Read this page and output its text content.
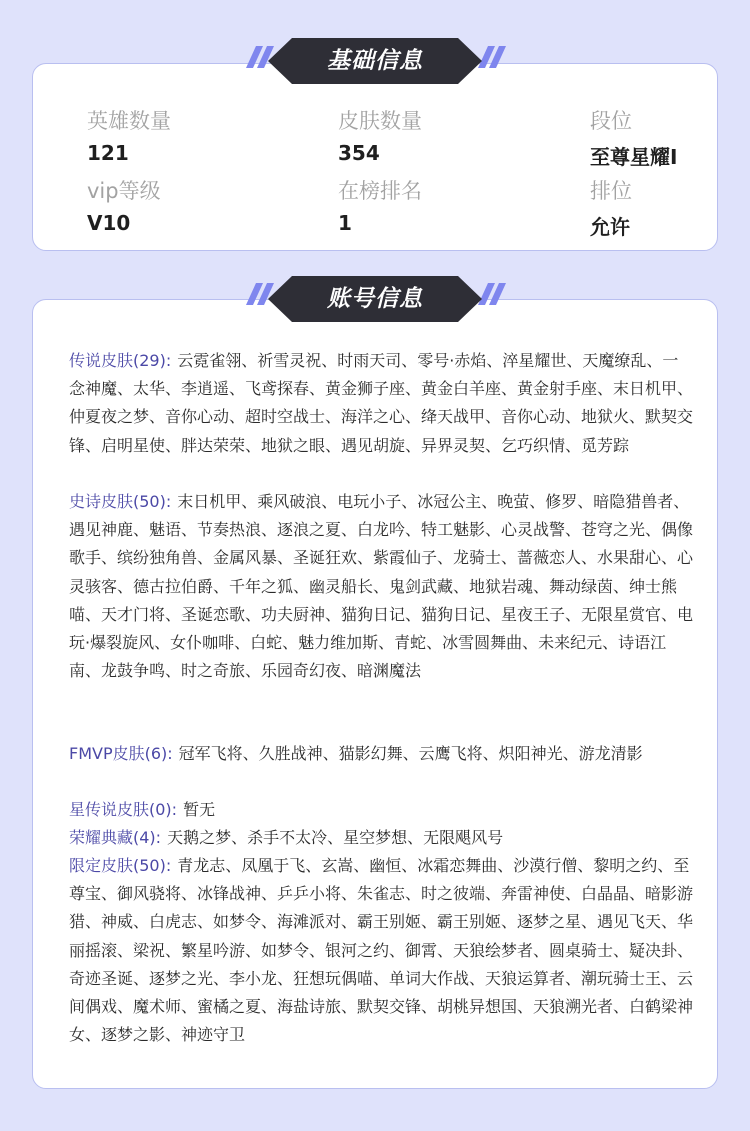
英雄数量
121
皮肤数量
354
段位
至尊星耀I
vip等级
V10
在榜排名
1
排位
允许
基础信息
传说皮肤(29): 云霓雀翎、祈雪灵祝、时雨天司、零号·赤焰、淬星耀世、天魔缭乱、一念神魔、太华、李逍遥、飞鸢探春、黄金狮子座、黄金白羊座、黄金射手座、末日机甲、仲夏夜之梦、音你心动、超时空战士、海洋之心、绛天战甲、音你心动、地狱火、默契交锋、启明星使、胖达荣荣、地狱之眼、遇见胡旋、异界灵契、乞巧织情、觅芳踪
史诗皮肤(50): 末日机甲、乘风破浪、电玩小子、冰冠公主、晚萤、修罗、暗隐猎兽者、遇见神鹿、魅语、节奏热浪、逐浪之夏、白龙吟、特工魅影、心灵战警、苍穹之光、偶像歌手、缤纷独角兽、金属风暴、圣诞狂欢、紫霞仙子、龙骑士、蔷薇恋人、水果甜心、心灵骇客、德古拉伯爵、千年之狐、幽灵船长、鬼剑武藏、地狱岩魂、舞动绿茵、绅士熊喵、天才门将、圣诞恋歌、功夫厨神、猫狗日记、猫狗日记、星夜王子、无限星赏官、电玩·爆裂旋风、女仆咖啡、白蛇、魅力维加斯、青蛇、冰雪圆舞曲、未来纪元、诗语江南、龙鼓争鸣、时之奇旅、乐园奇幻夜、暗渊魔法
FMVP皮肤(6): 冠军飞将、久胜战神、猫影幻舞、云鹰飞将、炽阳神光、游龙清影
星传说皮肤(0): 暂无
荣耀典藏(4): 天鹅之梦、杀手不太冷、星空梦想、无限飓风号
限定皮肤(50): 青龙志、凤凰于飞、玄嵩、幽恒、冰霜恋舞曲、沙漠行僧、黎明之约、至尊宝、御风骁将、冰锋战神、乒乒小将、朱雀志、时之彼端、奔雷神使、白晶晶、暗影游猎、神威、白虎志、如梦令、海滩派对、霸王别姬、霸王别姬、逐梦之星、遇见飞天、华丽摇滚、梁祝、繁星吟游、如梦令、银河之约、御霄、天狼绘梦者、圆桌骑士、疑决卦、奇迹圣诞、逐梦之光、李小龙、狂想玩偶喵、单词大作战、天狼运算者、潮玩骑士王、云间偶戏、魔术师、蜜橘之夏、海盐诗旅、默契交锋、胡桃异想国、天狼溯光者、白鹤梁神女、逐梦之影、神迹守卫
账号信息
